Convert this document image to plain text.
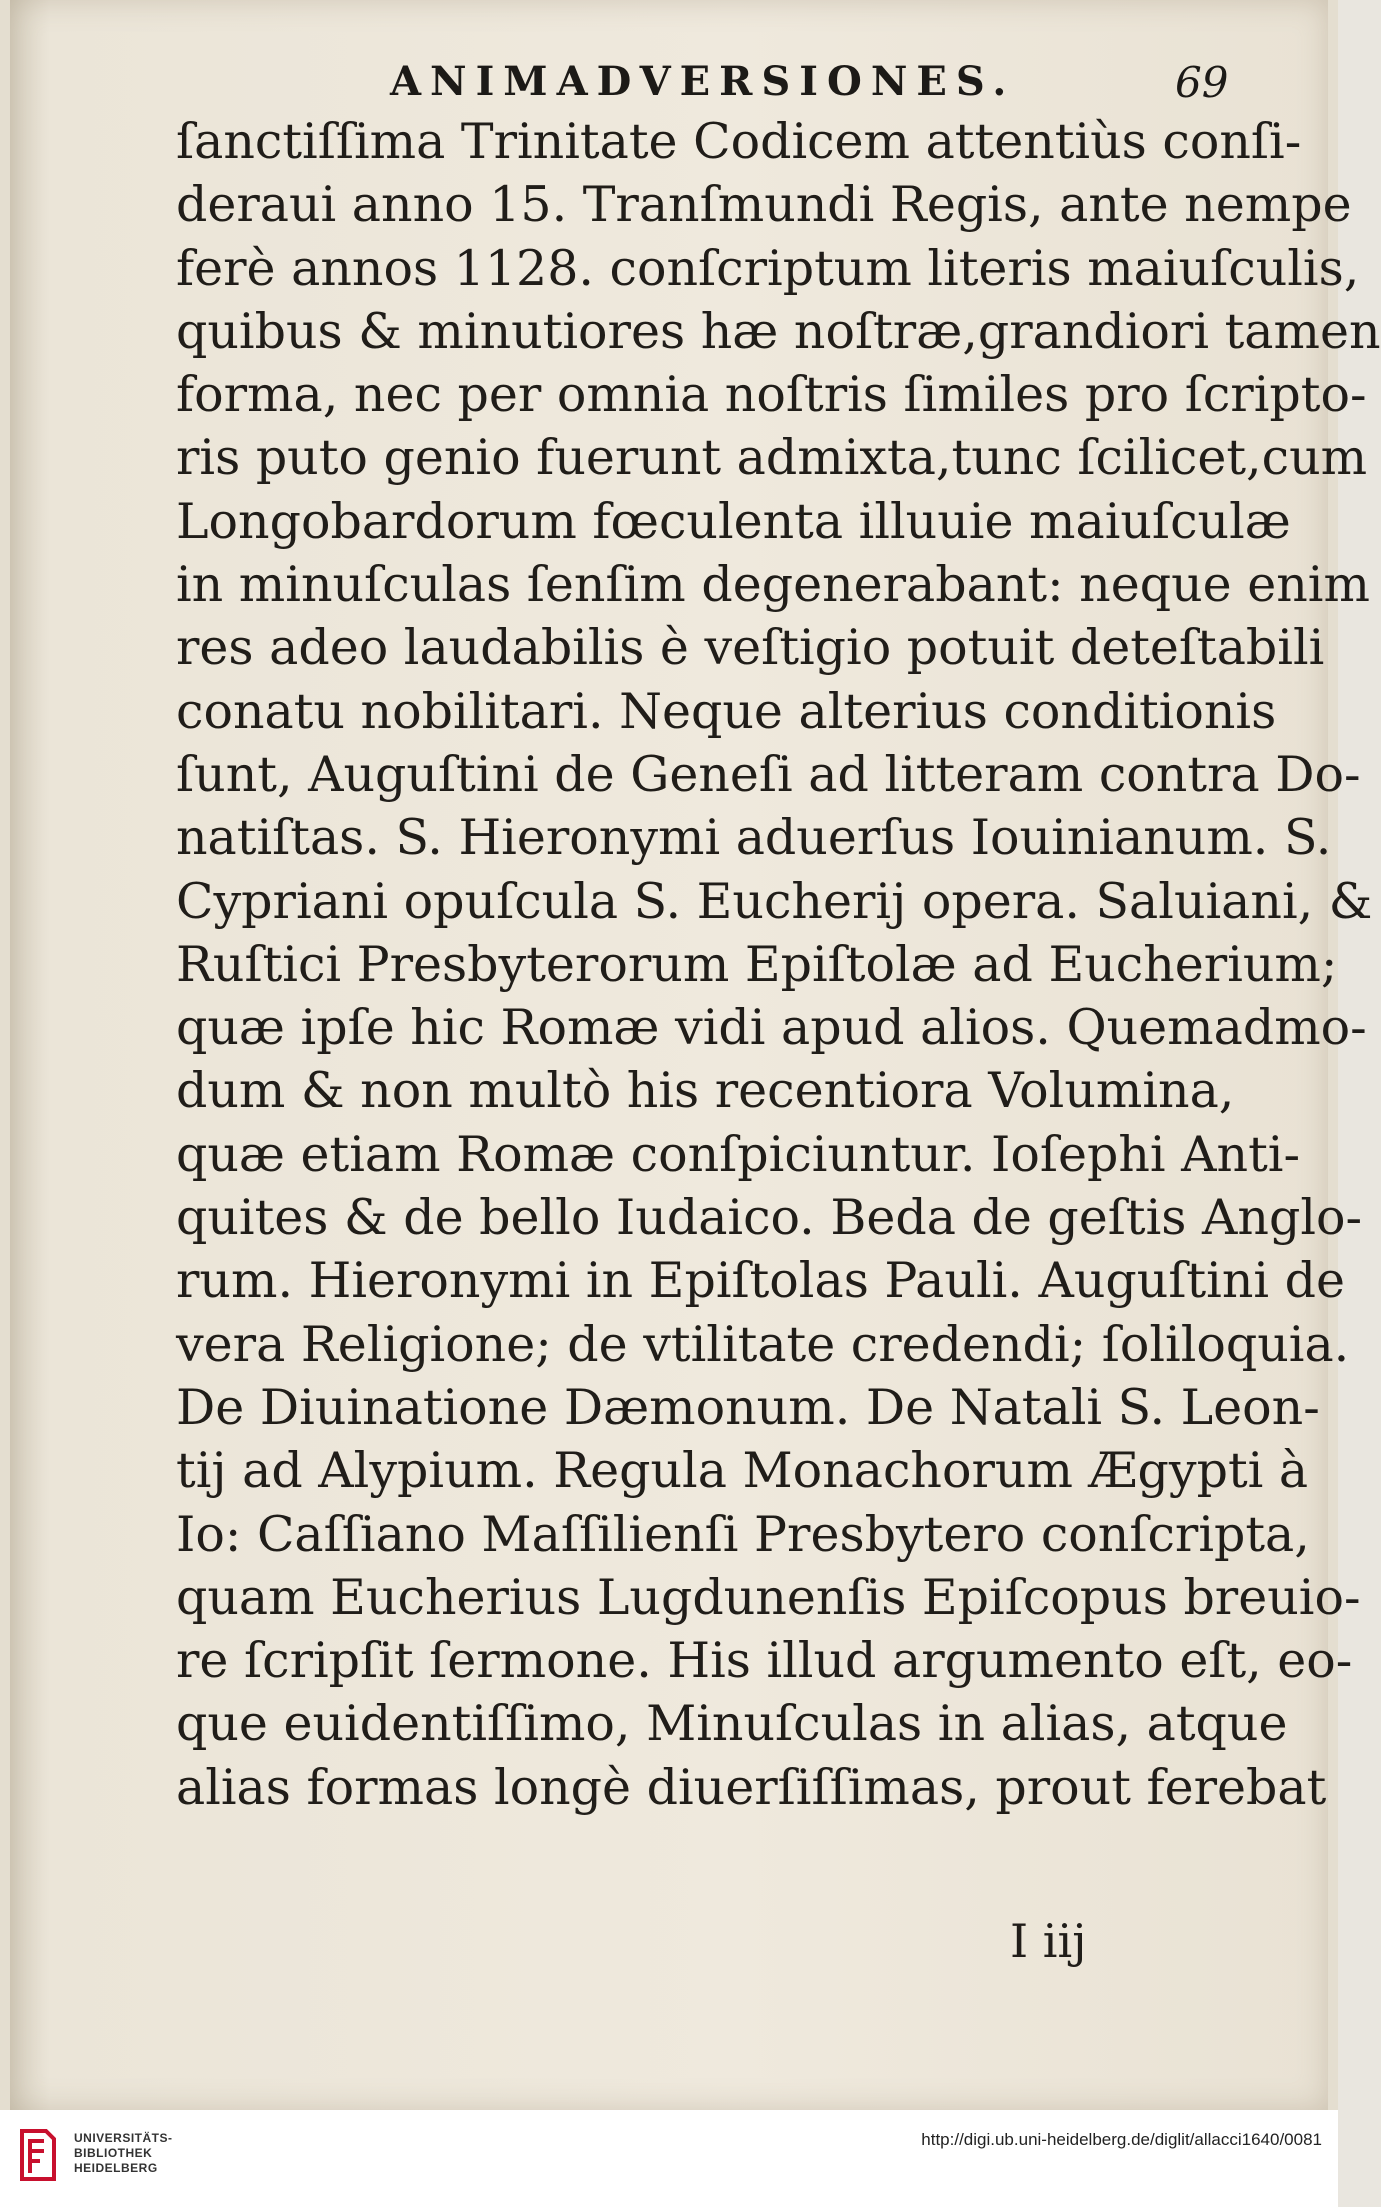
ANIMADVERSIONES.	69
ſanctiſſima Trinitate Codicem attentiùs conſi-
deraui anno 15. Tranſmundi Regis, ante nempe
ferè annos 1128. conſcriptum literis maiuſculis,
quibus & minutiores hæ noſtræ,grandiori tamen
forma, nec per omnia noſtris ſimiles pro ſcripto-
ris puto genio fuerunt admixta,tunc ſcilicet,cum
Longobardorum fœculenta illuuie maiuſculæ
in minuſculas ſenſim degenerabant: neque enim
res adeo laudabilis è veſtigio potuit deteſtabili
conatu nobilitari. Neque alterius conditionis
ſunt, Auguſtini de Geneſi ad litteram contra Do-
natiſtas. S. Hieronymi aduerſus Iouinianum. S.
Cypriani opuſcula S. Eucherij opera. Saluiani, &
Ruſtici Presbyterorum Epiſtolæ ad Eucherium;
quæ ipſe hic Romæ vidi apud alios. Quemadmo-
dum & non multò his recentiora Volumina,
quæ etiam Romæ conſpiciuntur. Ioſephi Anti-
quites & de bello Iudaico. Beda de geſtis Anglo-
rum. Hieronymi in Epiſtolas Pauli. Auguſtini de
vera Religione; de vtilitate credendi; ſoliloquia.
De Diuinatione Dæmonum. De Natali S. Leon-
tij ad Alypium. Regula Monachorum Ægypti à
Io: Caſſiano Maſſilienſi Presbytero conſcripta,
quam Eucherius Lugdunenſis Epiſcopus breuio-
re ſcripſit ſermone. His illud argumento eſt, eo-
que euidentiſſimo, Minuſculas in alias, atque
alias formas longè diuerſiſſimas, prout ferebat
I iij
UNIVERSITÄTS-
BIBLIOTHEK
HEIDELBERG
http://digi.ub.uni-heidelberg.de/diglit/allacci1640/0081
